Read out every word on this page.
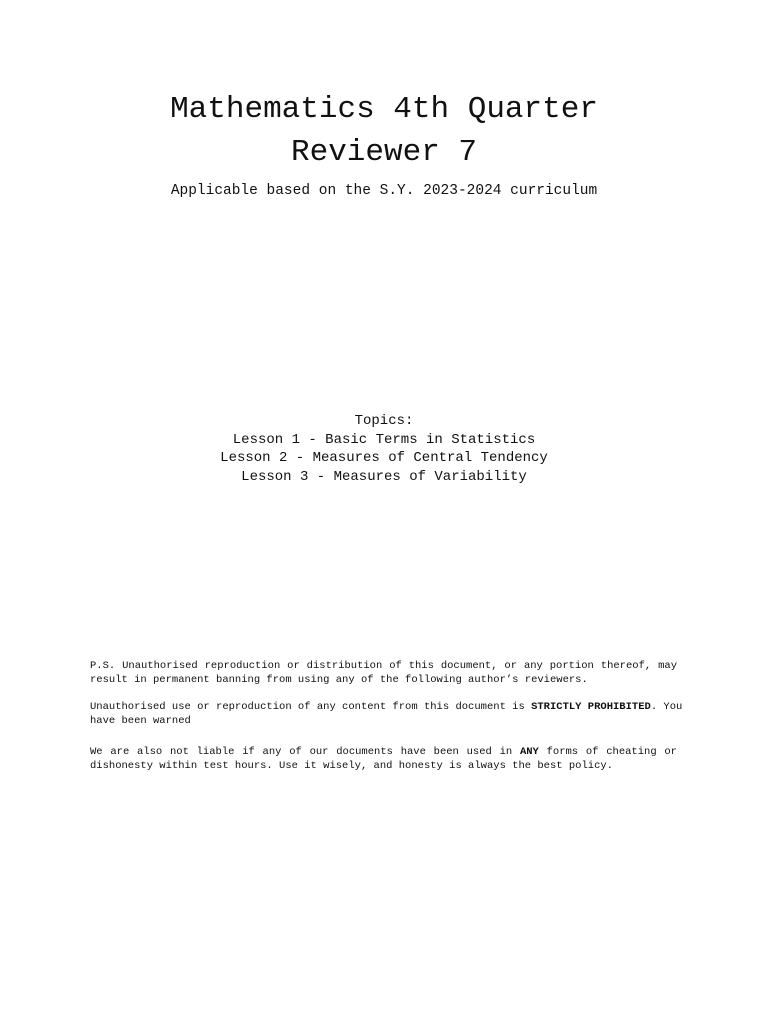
Mathematics 4th Quarter
Reviewer 7
Applicable based on the S.Y. 2023-2024 curriculum
Topics:
Lesson 1 - Basic Terms in Statistics
Lesson 2 - Measures of Central Tendency
Lesson 3 - Measures of Variability
P.S. Unauthorised reproduction or distribution of this document, or any portion thereof, may
result in permanent banning from using any of the following author’s reviewers.
Unauthorised use or reproduction of any content from this document is STRICTLY PROHIBITED. You
have been warned
We are also not liable if any of our documents have been used in ANY forms of cheating or
dishonesty within test hours. Use it wisely, and honesty is always the best policy.
